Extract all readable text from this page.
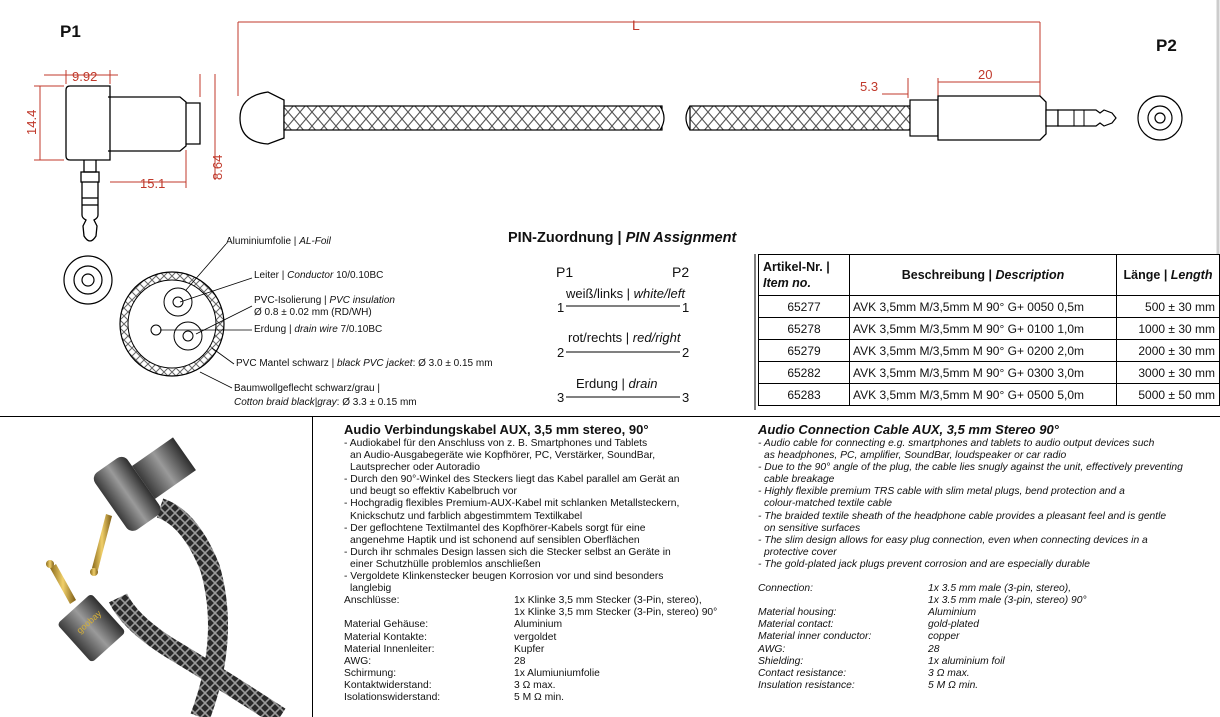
9.92
14.4
15.1
8.64
L
5.3
20
P1
P2
Aluminiumfolie | AL-Foil
Leiter | Conductor 10/0.10BC
PVC-Isolierung | PVC insulation
Ø 0.8 ± 0.02 mm (RD/WH)
Erdung | drain wire 7/0.10BC
PVC Mantel schwarz | black PVC jacket: Ø 3.0 ± 0.15 mm
Baumwollgeflecht schwarz/grau |
Cotton braid black|gray: Ø 3.3 ± 0.15 mm
PIN-Zuordnung | PIN Assignment
P1	P2
weiß/links | white/left
1	1
rot/rechts | red/right
2	2
Erdung | drain
3	3
Artikel-Nr. |
Item no.	Beschreibung | Description	Länge | Length
65277	AVK 3,5mm M/3,5mm M 90° G+ 0050 0,5m	500 ± 30 mm
65278	AVK 3,5mm M/3,5mm M 90° G+ 0100 1,0m	1000 ± 30 mm
65279	AVK 3,5mm M/3,5mm M 90° G+ 0200 2,0m	2000 ± 30 mm
65282	AVK 3,5mm M/3,5mm M 90° G+ 0300 3,0m	3000 ± 30 mm
65283	AVK 3,5mm M/3,5mm M 90° G+ 0500 5,0m	5000 ± 50 mm
goobay
Audio Verbindungskabel AUX, 3,5 mm stereo, 90°
- Audiokabel für den Anschluss von z. B. Smartphones und Tablets
an Audio-Ausgabegeräte wie Kopfhörer, PC, Verstärker, SoundBar,
Lautsprecher oder Autoradio
- Durch den 90°-Winkel des Steckers liegt das Kabel parallel am Gerät an
und beugt so effektiv Kabelbruch vor
- Hochgradig flexibles Premium-AUX-Kabel mit schlanken Metallsteckern,
Knickschutz und farblich abgestimmtem Textilkabel
- Der geflochtene Textilmantel des Kopfhörer-Kabels sorgt für eine
angenehme Haptik und ist schonend auf sensiblen Oberflächen
- Durch ihr schmales Design lassen sich die Stecker selbst an Geräte in
einer Schutzhülle problemlos anschließen
- Vergoldete Klinkenstecker beugen Korrosion vor und sind besonders
langlebig
Anschlüsse:	1x Klinke 3,5 mm Stecker (3-Pin, stereo),
1x Klinke 3,5 mm Stecker (3-Pin, stereo) 90°
Material Gehäuse:	Aluminium
Material Kontakte:	vergoldet
Material Innenleiter:	Kupfer
AWG:	28
Schirmung:	1x Alumiuniumfolie
Kontaktwiderstand:	3 Ω max.
Isolationswiderstand:	5 M Ω min.
Audio Connection Cable AUX, 3,5 mm Stereo 90°
- Audio cable for connecting e.g. smartphones and tablets to audio output devices such
as headphones, PC, amplifier, SoundBar, loudspeaker or car radio
- Due to the 90° angle of the plug, the cable lies snugly against the unit, effectively preventing
cable breakage
- Highly flexible premium TRS cable with slim metal plugs, bend protection and a
colour-matched textile cable
- The braided textile sheath of the headphone cable provides a pleasant feel and is gentle
on sensitive surfaces
- The slim design allows for easy plug connection, even when connecting devices in a
protective cover
- The gold-plated jack plugs prevent corrosion and are especially durable
Connection:	1x 3.5 mm male (3-pin, stereo),
1x 3.5 mm male (3-pin, stereo) 90°
Material housing:	Aluminium
Material contact:	gold-plated
Material inner conductor:	copper
AWG:	28
Shielding:	1x aluminium foil
Contact resistance:	3 Ω max.
Insulation resistance:	5 M Ω min.
